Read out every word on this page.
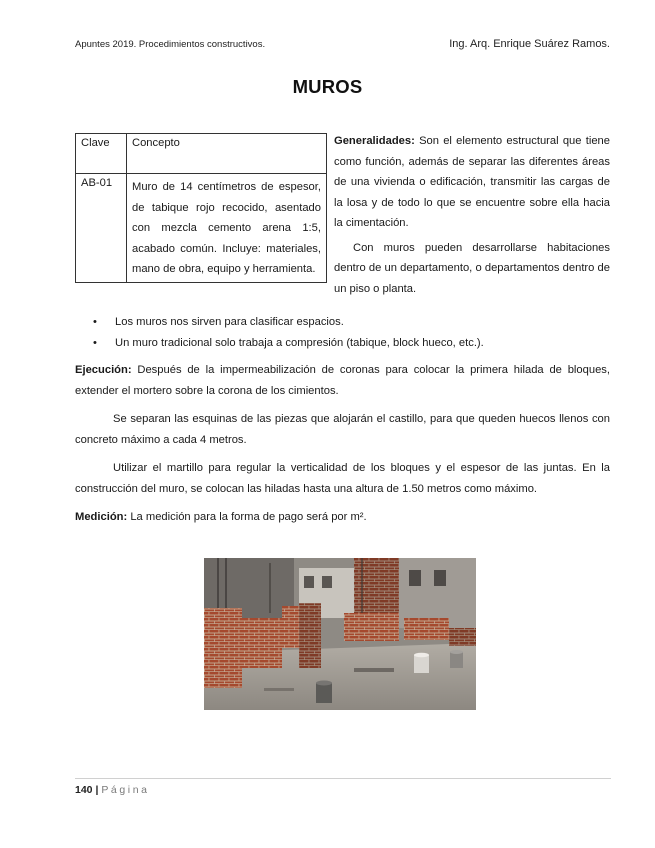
Apuntes 2019. Procedimientos constructivos.	Ing. Arq. Enrique Suárez Ramos.
MUROS
Clave	Concepto
AB-01	Muro de 14 centímetros de espesor, de tabique rojo recocido, asentado con mezcla cemento arena 1:5, acabado común. Incluye: materiales, mano de obra, equipo y herramienta.

Generalidades: Son el elemento estructural que tiene como función, además de separar las diferentes áreas de una vivienda o edificación, transmitir las cargas de la losa y de todo lo que se encuentre sobre ella hacia la cimentación.

Con muros pueden desarrollarse habitaciones dentro de un departamento, o departamentos dentro de un piso o planta.

• Los muros nos sirven para clasificar espacios.
• Un muro tradicional solo trabaja a compresión (tabique, block hueco, etc.).

Ejecución: Después de la impermeabilización de coronas para colocar la primera hilada de bloques, extender el mortero sobre la corona de los cimientos.

Se separan las esquinas de las piezas que alojarán el castillo, para que queden huecos llenos con concreto máximo a cada 4 metros.

Utilizar el martillo para regular la verticalidad de los bloques y el espesor de las juntas. En la construcción del muro, se colocan las hiladas hasta una altura de 1.50 metros como máximo.

Medición: La medición para la forma de pago será por m².

140 | Página
